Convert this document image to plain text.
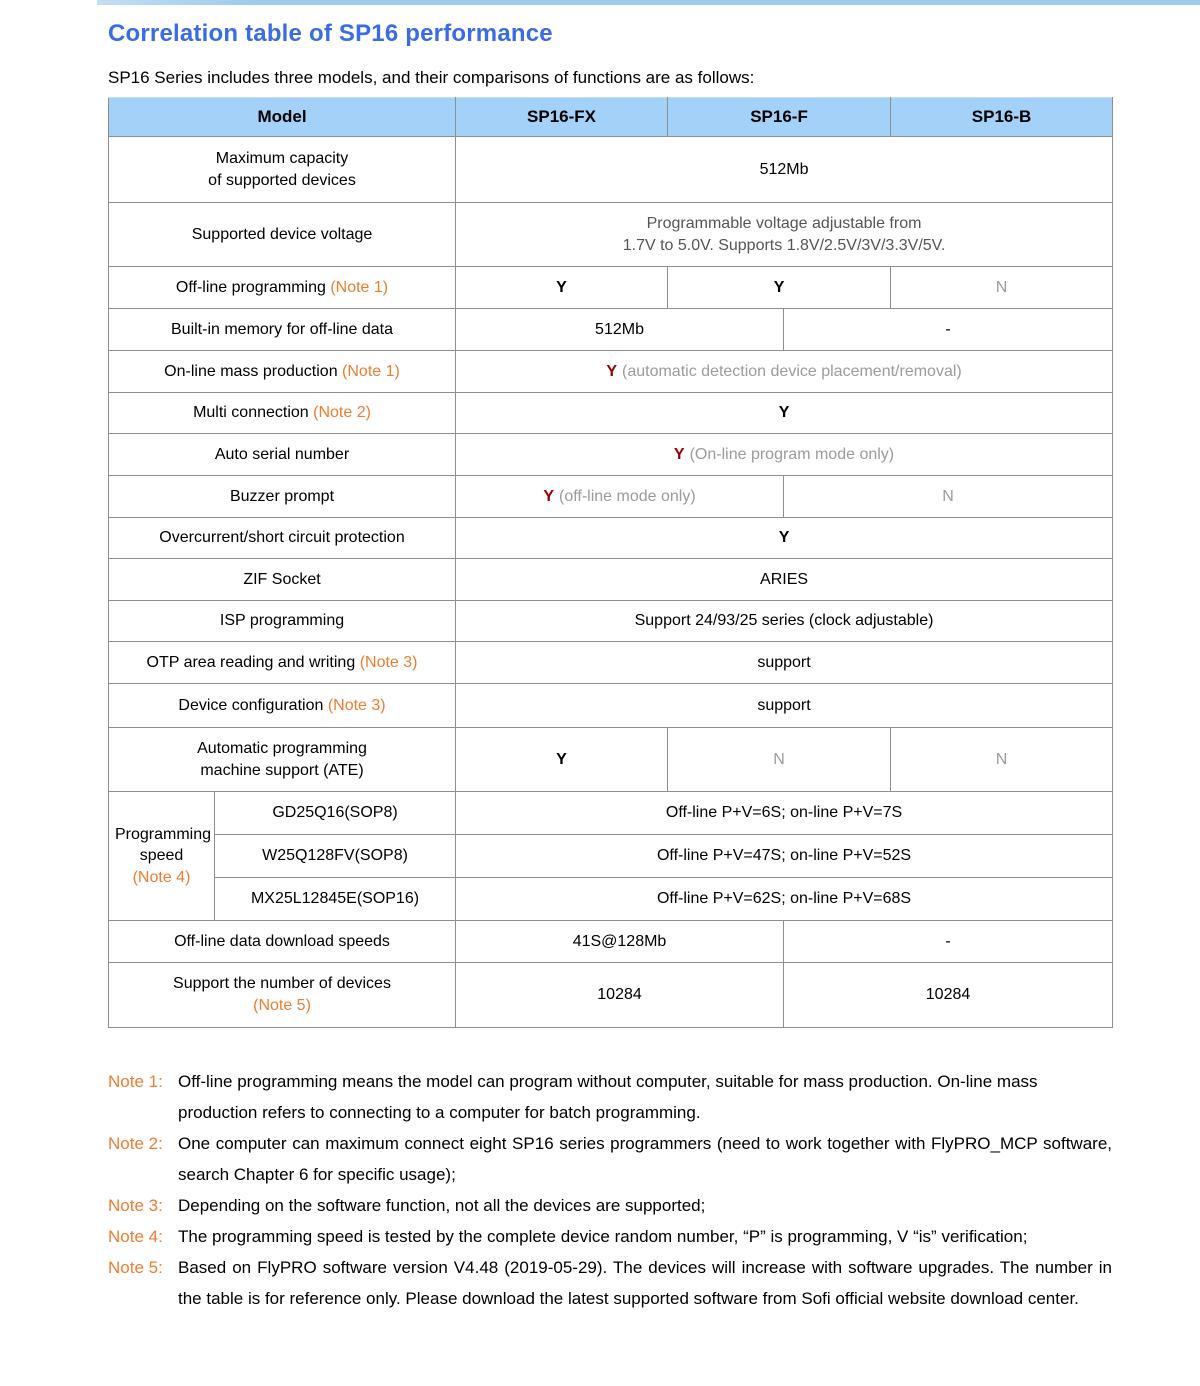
Correlation table of SP16 performance
SP16 Series includes three models, and their comparisons of functions are as follows:
Model		SP16-FX	SP16-F		SP16-B

Maximum capacity
of supported devices		512Mb			
Supported device voltage		Programmable voltage adjustable from
1.7V to 5.0V. Supports 1.8V/2.5V/3V/3.3V/5V.			

Off-line programming (Note 1)		Y	Y		N
Built-in memory for off-line data		512Mb		-	
On-line mass production (Note 1)		Y (automatic detection device placement/removal)			
Multi connection (Note 2)		Y			
Auto serial number		Y (On-line program mode only)			
Buzzer prompt		Y (off-line mode only)		N	
Overcurrent/short circuit protection		Y			
ZIF Socket		ARIES			
ISP programming		Support 24/93/25 series (clock adjustable)			
OTP area reading and writing (Note 3)		support			
Device configuration (Note 3)		support			

Automatic programming
machine support (ATE)		Y	N		N

Programming
speed
(Note 4)	GD25Q16(SOP8)	Off-line P+V=6S; on-line P+V=7S			
	W25Q128FV(SOP8)	Off-line P+V=47S; on-line P+V=52S			
	MX25L12845E(SOP16)	Off-line P+V=62S; on-line P+V=68S			
Off-line data download speeds		41S@128Mb		-	

Support the number of devices
(Note 5)		10284		10284	
Note 1: Off-line programming means the model can program without computer, suitable for mass production. On-line mass production refers to connecting to a computer for batch programming.
Note 2: One computer can maximum connect eight SP16 series programmers (need to work together with FlyPRO_MCP software, search Chapter 6 for specific usage);
Note 3: Depending on the software function, not all the devices are supported;
Note 4: The programming speed is tested by the complete device random number, “P” is programming, V “is” verification;
Note 5: Based on FlyPRO software version V4.48 (2019-05-29). The devices will increase with software upgrades. The number in the table is for reference only. Please download the latest supported software from Sofi official website download center.
